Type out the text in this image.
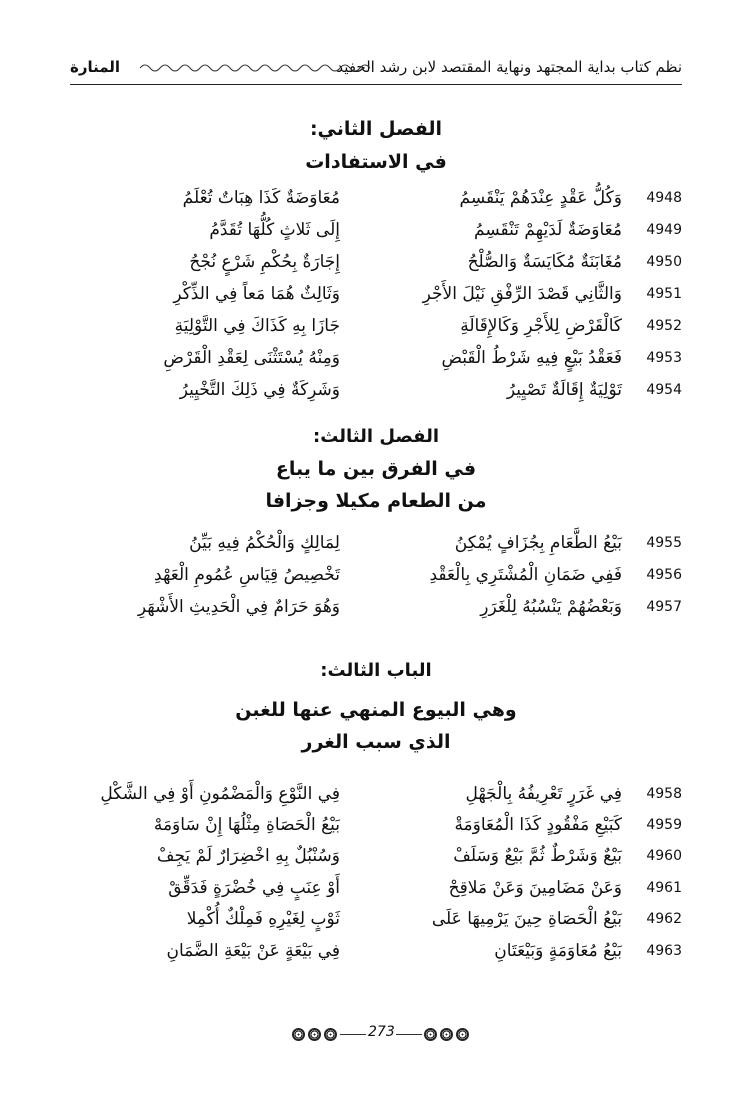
نظم كتاب بداية المجتهد ونهاية المقتصد لابن رشد الحفيد
المنارة
الفصل الثاني:
في الاستفادات
4948
وَكُلُّ عَقْدٍ عِنْدَهُمْ يَنْقَسِمُ
مُعَاوَضَةٌ كَذَا هِبَاتٌ تُعْلَمُ
4949
مُعَاوَضَةٌ لَدَيْهِمْ تَنْقَسِمُ
إِلَى ثَلاثٍ كُلُّهَا تُقَدَّمُ
4950
مُغَابَنَةٌ مُكَايَسَةٌ وَالصُّلْحُ
إِجَارَةٌ بِحُكْمِ شَرْعٍ نُجْحُ
4951
وَالثَّانِي قَصْدَ الرِّفْقِ نَيْلَ الأَجْرِ
وَثَالِثٌ هُمَا مَعاً فِي الذِّكْرِ
4952
كَالْقَرْضِ لِلأَجْرِ وَكَالإِقَالَةِ
جَازَا بِهِ كَذَاكَ فِي التَّوْلِيَةِ
4953
فَعَقْدُ بَيْعٍ فِيهِ شَرْطُ الْقَبْضِ
وَمِنْهُ يُسْتَثْنَى لِعَقْدِ الْقَرْضِ
4954
تَوْلِيَةٌ إِقَالَةٌ تَصْيِيرُ
وَشَرِكَةٌ فِي ذَلِكَ التَّخْيِيرُ
الفصل الثالث:
في الفرق بين ما يباع
من الطعام مكيلا وجزافا
4955
بَيْعُ الطَّعَامِ بِجُزَافٍ يُمْكِنُ
لِمَالِكٍ وَالْحُكْمُ فِيهِ بَيِّنُ
4956
فَفِي ضَمَانِ الْمُشْتَرِي بِالْعَقْدِ
تَخْصِيصُ قِيَاسِ عُمُومِ الْعَهْدِ
4957
وَبَعْضُهُمْ يَنْسُبُهُ لِلْغَرَرِ
وَهُوَ حَرَامٌ فِي الْحَدِيثِ الأَشْهَرِ
الباب الثالث:
وهي البيوع المنهي عنها للغبن
الذي سبب الغرر
4958
فِي غَرَرٍ تَعْرِيفُهُ بِالْجَهْلِ
فِي النَّوْعِ وَالْمَضْمُونِ أَوْ فِي الشَّكْلِ
4959
كَبَيْعِ مَفْقُودٍ كَذَا الْمُعَاوَمَةْ
بَيْعُ الْحَصَاةِ مِثْلُهَا إِنْ سَاوَمَهْ
4960
بَيْعٌ وَشَرْطٌ ثُمَّ بَيْعٌ وَسَلَفْ
وَسُنْبُلٌ بِهِ اخْضِرَارٌ لَمْ يَجِفْ
4961
وَعَنْ مَضَامِينَ وَعَنْ مَلاقِحْ
أَوْ عِنَبٍ فِي خُضْرَةٍ فَدَقِّقْ
4962
بَيْعُ الْحَصَاةِ حِينَ يَرْمِيهَا عَلَى
ثَوْبٍ لِغَيْرِهِ فَمِلْكٌ أُكْمِلا
4963
بَيْعُ مُعَاوَمَةٍ وَبَيْعَتَانِ
فِي بَيْعَةٍ عَنْ بَيْعَةِ الضَّمَانِ
273
